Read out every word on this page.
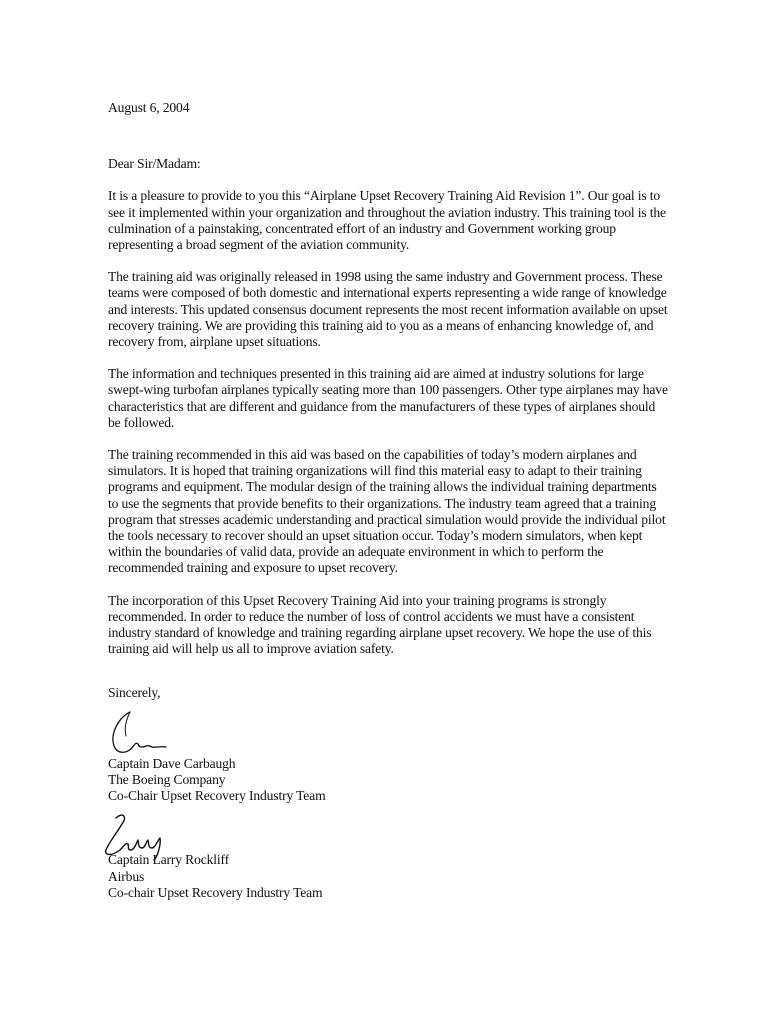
August 6, 2004

Dear Sir/Madam:

It is a pleasure to provide to you this “Airplane Upset Recovery Training Aid Revision 1”. Our goal is to see it implemented within your organization and throughout the aviation industry. This training tool is the culmination of a painstaking, concentrated effort of an industry and Government working group representing a broad segment of the aviation community.

The training aid was originally released in 1998 using the same industry and Government process. These teams were composed of both domestic and international experts representing a wide range of knowledge and interests. This updated consensus document represents the most recent information available on upset recovery training. We are providing this training aid to you as a means of enhancing knowledge of, and recovery from, airplane upset situations.

The information and techniques presented in this training aid are aimed at industry solutions for large swept-wing turbofan airplanes typically seating more than 100 passengers. Other type airplanes may have characteristics that are different and guidance from the manufacturers of these types of airplanes should be followed.

The training recommended in this aid was based on the capabilities of today’s modern airplanes and simulators. It is hoped that training organizations will find this material easy to adapt to their training programs and equipment. The modular design of the training allows the individual training departments to use the segments that provide benefits to their organizations. The industry team agreed that a training program that stresses academic understanding and practical simulation would provide the individual pilot the tools necessary to recover should an upset situation occur. Today’s modern simulators, when kept within the boundaries of valid data, provide an adequate environment in which to perform the recommended training and exposure to upset recovery.

The incorporation of this Upset Recovery Training Aid into your training programs is strongly recommended. In order to reduce the number of loss of control accidents we must have a consistent industry standard of knowledge and training regarding airplane upset recovery. We hope the use of this training aid will help us all to improve aviation safety.

Sincerely,

Captain Dave Carbaugh

The Boeing Company

Co-Chair Upset Recovery Industry Team

Captain Larry Rockliff

Airbus

Co-chair Upset Recovery Industry Team
